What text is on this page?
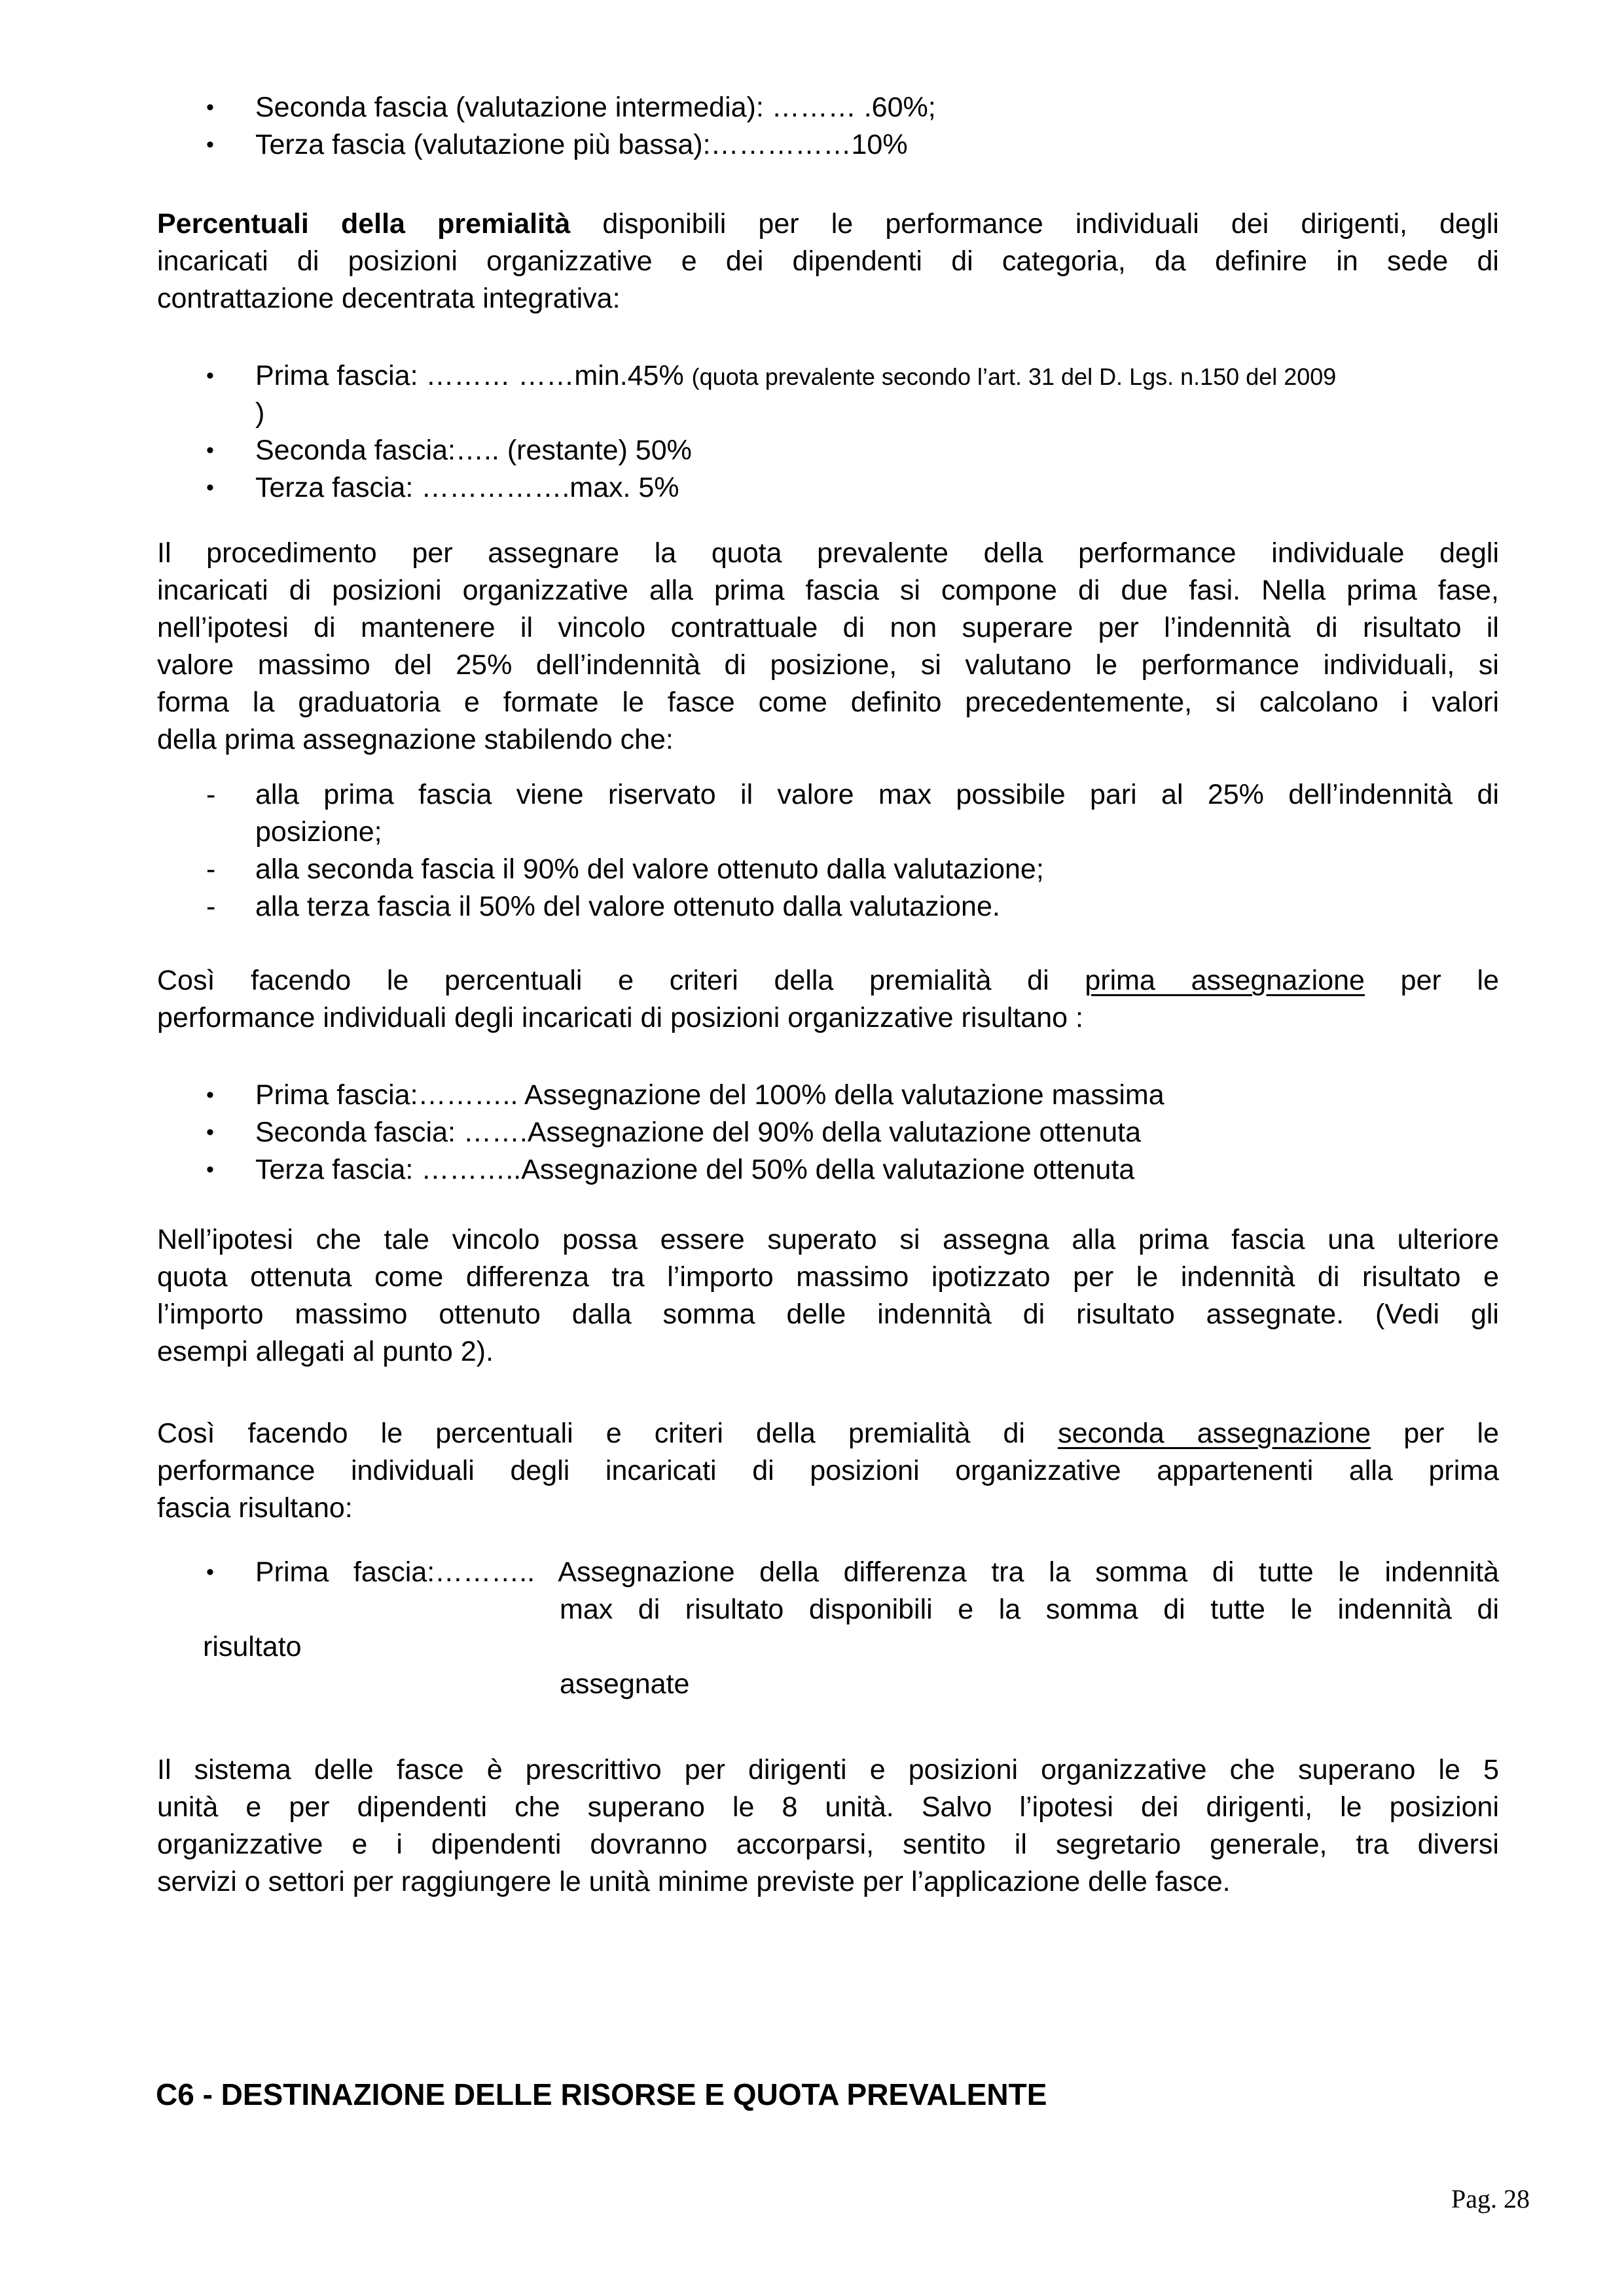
•	Seconda fascia (valutazione intermedia): ……… .60%;
•	Terza fascia (valutazione più bassa):……………10%
Percentuali della premialità disponibili per le performance individuali dei dirigenti, degli
incaricati di posizioni organizzative e dei dipendenti di categoria, da definire in sede di
contrattazione decentrata integrativa:
•	Prima fascia: ……… ……min.45% (quota prevalente secondo l’art. 31 del D. Lgs. n.150 del 2009
)
•	Seconda fascia:….. (restante) 50%
•	Terza fascia: …………….max. 5%
Il procedimento per assegnare la quota prevalente della performance individuale degli
incaricati di posizioni organizzative alla prima fascia si compone di due fasi. Nella prima fase,
nell’ipotesi di mantenere il vincolo contrattuale di non superare per l’indennità di risultato il
valore massimo del 25% dell’indennità di posizione, si valutano le performance individuali, si
forma la graduatoria e formate le fasce come definito precedentemente, si calcolano i valori
della prima assegnazione stabilendo che:
-	alla prima fascia viene riservato il valore max possibile pari al 25% dell’indennità di
posizione;
-	alla seconda fascia il 90% del valore ottenuto dalla valutazione;
-	alla terza fascia il 50% del valore ottenuto dalla valutazione.
Così facendo le percentuali e criteri della premialità di prima assegnazione per le
performance individuali degli incaricati di posizioni organizzative risultano :
•	Prima fascia:……….. Assegnazione del 100% della valutazione massima
•	Seconda fascia: …….Assegnazione del 90% della valutazione ottenuta
•	Terza fascia: ………..Assegnazione del 50% della valutazione ottenuta
Nell’ipotesi che tale vincolo possa essere superato si assegna alla prima fascia una ulteriore
quota ottenuta come differenza tra l’importo massimo ipotizzato per le indennità di risultato e
l’importo massimo ottenuto dalla somma delle indennità di risultato assegnate. (Vedi gli
esempi allegati al punto 2).
Così facendo le percentuali e criteri della premialità di seconda assegnazione per le
performance individuali degli incaricati di posizioni organizzative appartenenti alla prima
fascia risultano:
•	Prima fascia:……….. Assegnazione della differenza tra la somma di tutte le indennità
max di risultato disponibili e la somma di tutte le indennità di
risultato
assegnate
Il sistema delle fasce è prescrittivo per dirigenti e posizioni organizzative che superano le 5
unità e per dipendenti che superano le 8 unità. Salvo l’ipotesi dei dirigenti, le posizioni
organizzative e i dipendenti dovranno accorparsi, sentito il segretario generale, tra diversi
servizi o settori per raggiungere le unità minime previste per l’applicazione delle fasce.
C6 - DESTINAZIONE DELLE RISORSE E QUOTA PREVALENTE
Pag. 28
